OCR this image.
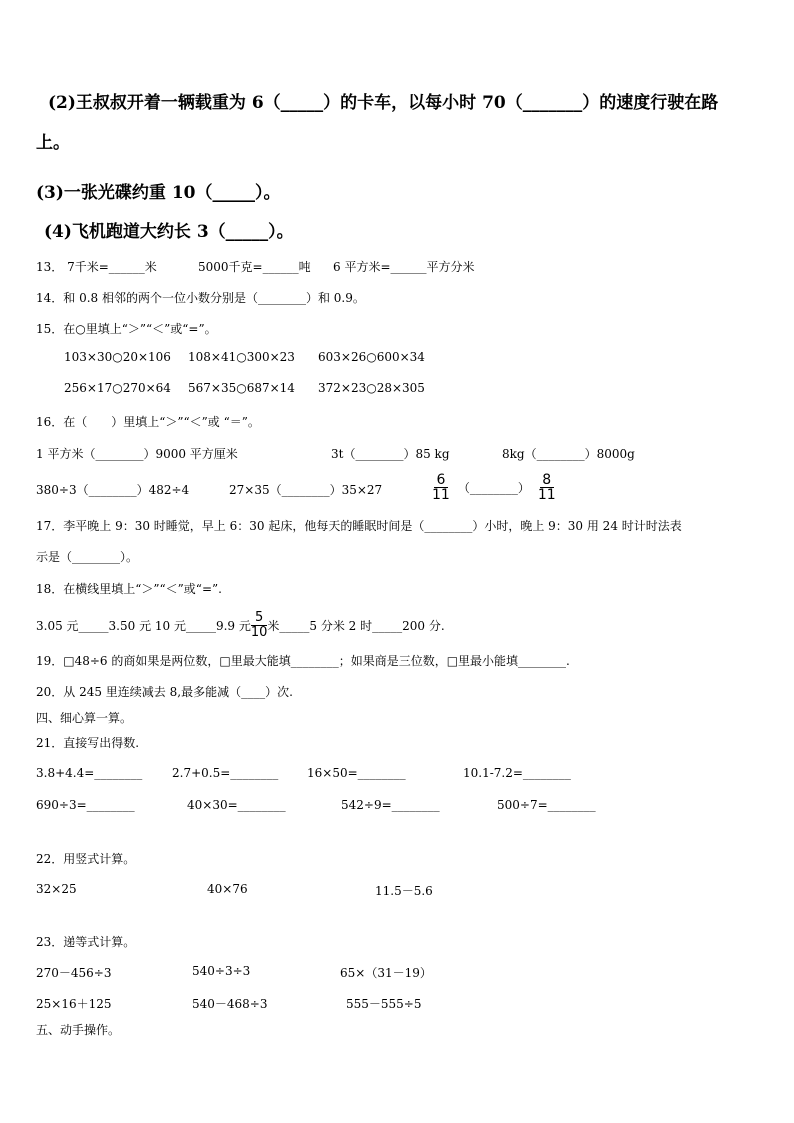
(2)王叔叔开着一辆载重为 6（_____）的卡车，以每小时 70（_______）的速度行驶在路
上。
(3)一张光碟约重 10（_____）。
(4)飞机跑道大约长 3（_____）。
13． 7千米=______米	5000千克=______吨 6 平方米=______平方分米
14．和 0.8 相邻的两个一位小数分别是（________）和 0.9。
15．在○里填上“＞”“＜”或“=”。
103×30○20×106 108×41○300×23 603×26○600×34
256×17○270×64 567×35○687×14 372×23○28×305
16．在（　　）里填上“＞”“＜”或 “＝”。
1 平方米（________）9000 平方厘米	3t（________）85 kg	8kg（________）8000g
380÷3（________）482÷4	27×35（________）35×27	$\frac{6}{11}$ （________） $\frac{8}{11}$
17．李平晚上 9：30 时睡觉，早上 6：30 起床，他每天的睡眠时间是（________）小时，晚上 9：30 用 24 时计时法表
示是（________）。
18．在横线里填上“＞”“＜”或“=”.
3.05 元_____3.50 元 10 元_____9.9 元 $\frac{5}{10}$ 米_____5 分米 2 时_____200 分.
19．□48÷6 的商如果是两位数，□里最大能填________；如果商是三位数，□里最小能填________.
20．从 245 里连续减去 8,最多能减（____）次.
四、细心算一算。
21．直接写出得数.
3.8+4.4=________ 2.7+0.5=________ 16×50=________	10.1-7.2=________
690÷3=________	40×30=________	542÷9=________	500÷7=________
22．用竖式计算。
32×25	40×76	11.5－5.6
23．递等式计算。
270－456÷3	540÷3÷3	65×（31－19）
25×16＋125	540－468÷3	555－555÷5
五、动手操作。
